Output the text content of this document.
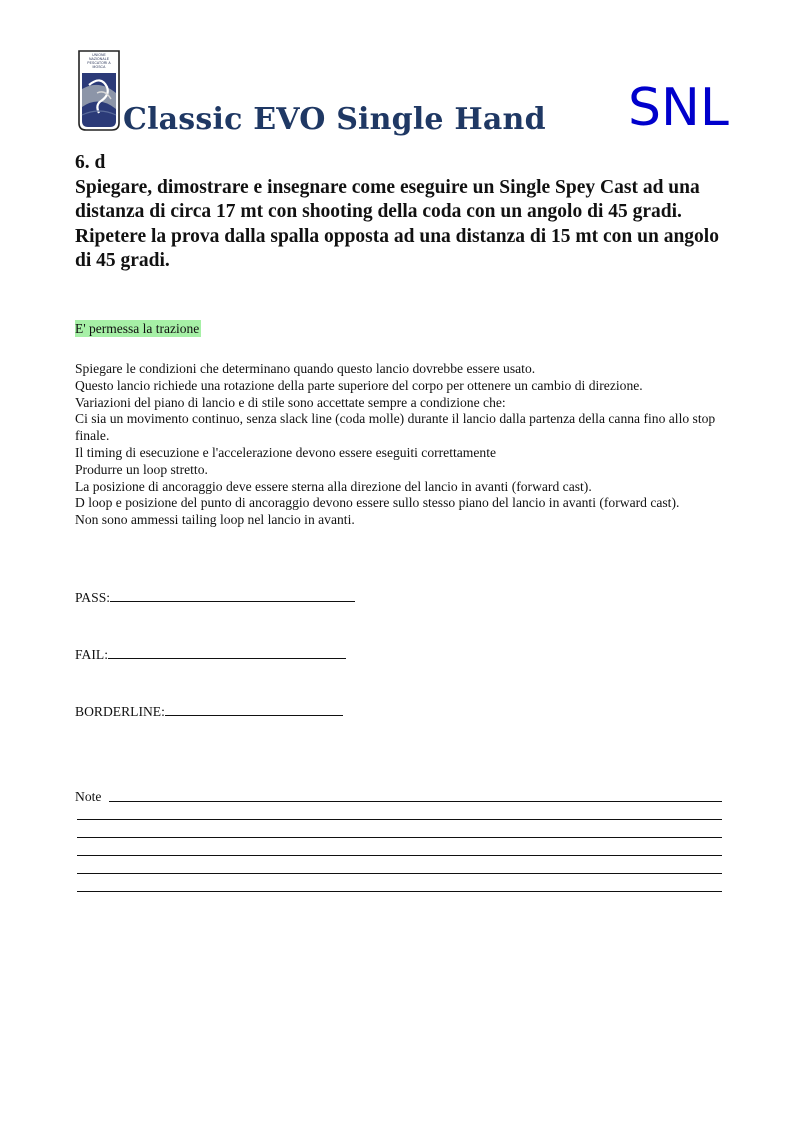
UNIONE NAZIONALE PESCATORI A MOSCA
Classic EVO Single Hand SNL

6. d

Spiegare, dimostrare e insegnare come eseguire un Single Spey Cast ad una distanza di circa 17 mt con shooting della coda con un angolo di 45 gradi.

Ripetere la prova dalla spalla opposta ad una distanza di 15 mt con un angolo di 45 gradi.

E' permessa la trazione
Spiegare le condizioni che determinano quando questo lancio dovrebbe essere usato.
Questo lancio richiede una rotazione della parte superiore del corpo per ottenere un cambio di direzione.
Variazioni del piano di lancio e di stile sono accettate sempre a condizione che:
Ci sia un movimento continuo, senza slack line (coda molle) durante il lancio dalla partenza della canna fino allo stop finale.
Il timing di esecuzione e l'accelerazione devono essere eseguiti correttamente
Produrre un loop stretto.
La posizione di ancoraggio deve essere sterna alla direzione del lancio in avanti (forward cast).
D loop e posizione del punto di ancoraggio devono essere sullo stesso piano del lancio in avanti (forward cast).
Non sono ammessi tailing loop nel lancio in avanti.
PASS:
FAIL:
BORDERLINE:
Note
